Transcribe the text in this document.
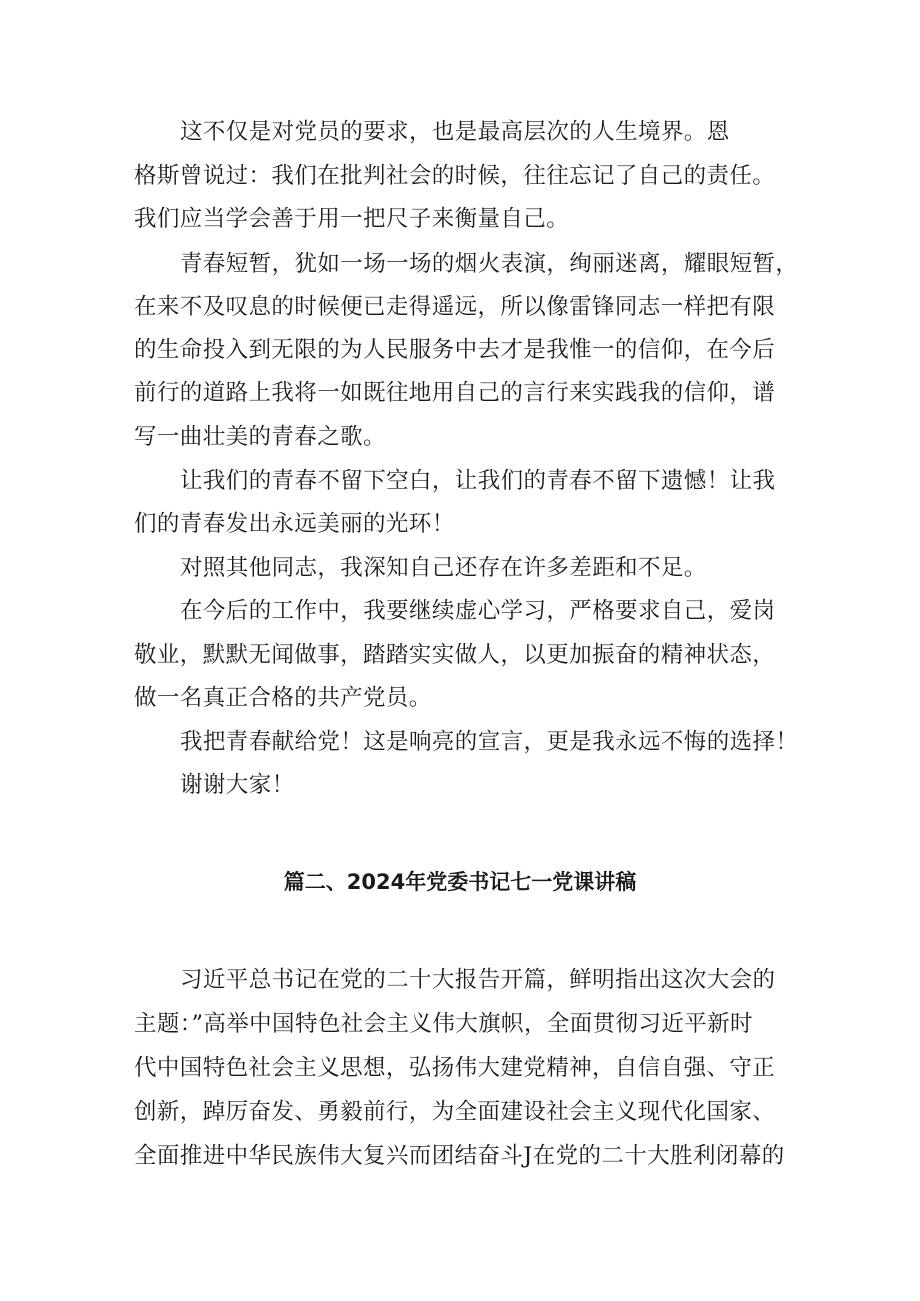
这不仅是对党员的要求，也是最高层次的人生境界。恩
格斯曾说过：我们在批判社会的时候，往往忘记了自己的责任。
我们应当学会善于用一把尺子来衡量自己。
青春短暂，犹如一场一场的烟火表演，绚丽迷离，耀眼短暂，
在来不及叹息的时候便已走得遥远，所以像雷锋同志一样把有限
的生命投入到无限的为人民服务中去才是我惟一的信仰，在今后
前行的道路上我将一如既往地用自己的言行来实践我的信仰，谱
写一曲壮美的青春之歌。
让我们的青春不留下空白，让我们的青春不留下遗憾！让我
们的青春发出永远美丽的光环！
对照其他同志，我深知自己还存在许多差距和不足。
在今后的工作中，我要继续虚心学习，严格要求自己，爱岗
敬业，默默无闻做事，踏踏实实做人，以更加振奋的精神状态，
做一名真正合格的共产党员。
我把青春献给党！这是响亮的宣言，更是我永远不悔的选择！
谢谢大家！
篇二、2024年党委书记七一党课讲稿
习近平总书记在党的二十大报告开篇，鲜明指出这次大会的
主题：”高举中国特色社会主义伟大旗帜，全面贯彻习近平新时
代中国特色社会主义思想，弘扬伟大建党精神，自信自强、守正
创新，踔厉奋发、勇毅前行，为全面建设社会主义现代化国家、
全面推进中华民族伟大复兴而团结奋斗J在党的二十大胜利闭幕的
